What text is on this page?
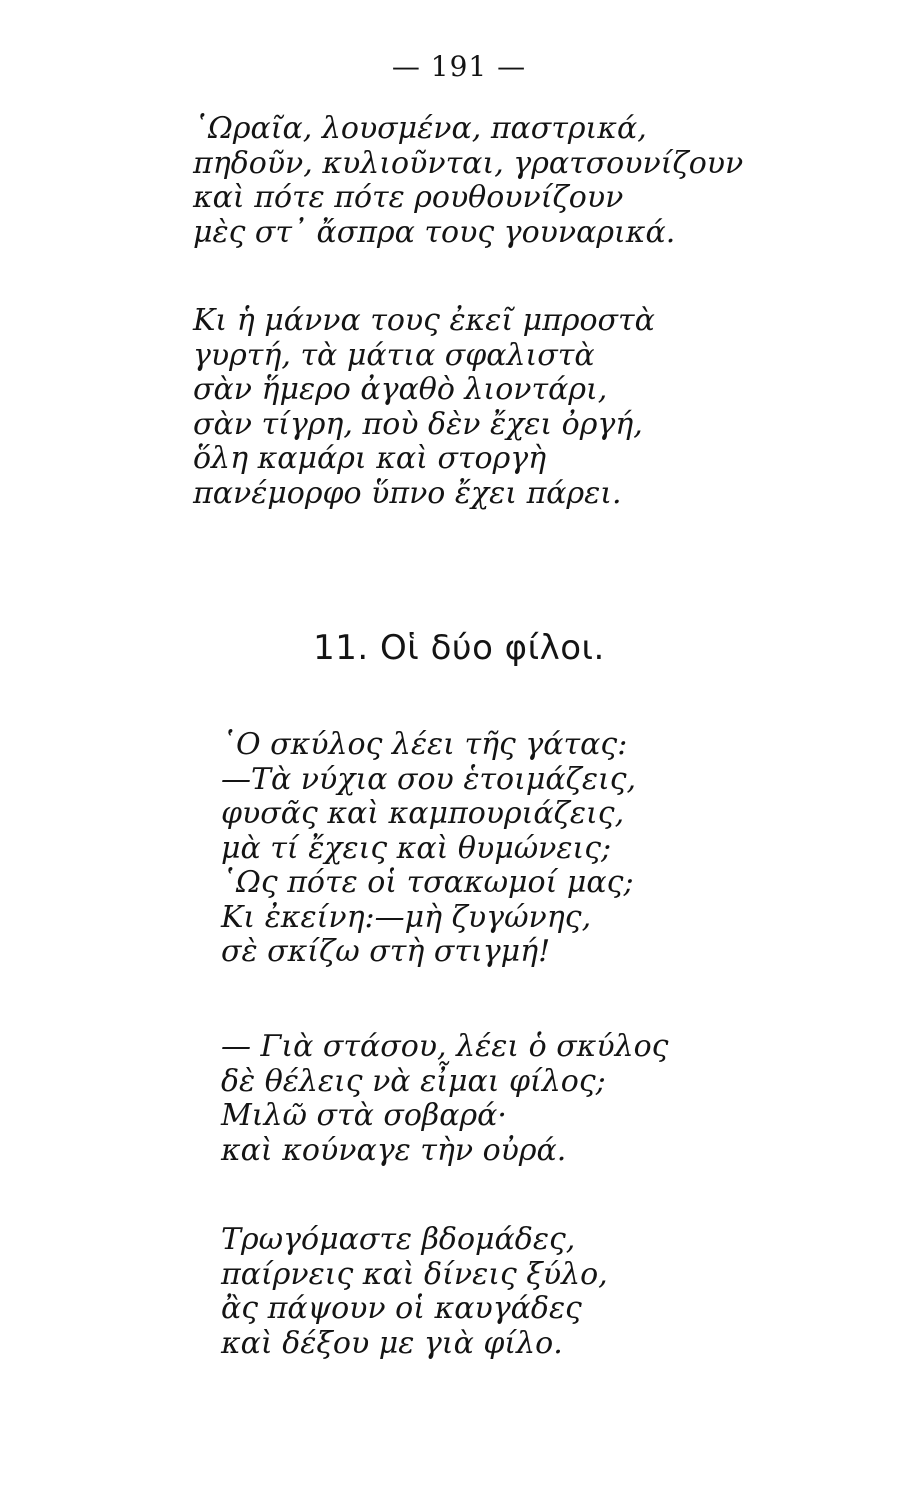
— 191 —
῾Ωραῖα, λουσμένα, παστρικά,
πηδοῦν, κυλιοῦνται, γρατσουνίζουν
καὶ πότε πότε ρουθουνίζουν
μὲς στ᾽ ἄσπρα τους γουναρικά.
Κι ἡ μάννα τους ἐκεῖ μπροστὰ
γυρτή, τὰ μάτια σφαλιστὰ
σὰν ἥμερο ἀγαθὸ λιοντάρι,
σὰν τίγρη, ποὺ δὲν ἔχει ὀργή,
ὅλη καμάρι καὶ στοργὴ
πανέμορφο ὕπνο ἔχει πάρει.
11. Οἱ δύο φίλοι.
῾Ο σκύλος λέει τῆς γάτας:
—Τὰ νύχια σου ἑτοιμάζεις,
φυσᾶς καὶ καμπουριάζεις,
μὰ τί ἔχεις καὶ θυμώνεις;
῾Ως πότε οἱ τσακωμοί μας;
Κι ἐκείνη:—μὴ ζυγώνης,
σὲ σκίζω στὴ στιγμή!
— Γιὰ στάσου, λέει ὁ σκύλος
δὲ θέλεις νὰ εἶμαι φίλος;
Μιλῶ στὰ σοβαρά·
καὶ κούναγε τὴν οὐρά.
Τρωγόμαστε βδομάδες,
παίρνεις καὶ δίνεις ξύλο,
ἂς πάψουν οἱ καυγάδες
καὶ δέξου με γιὰ φίλο.
